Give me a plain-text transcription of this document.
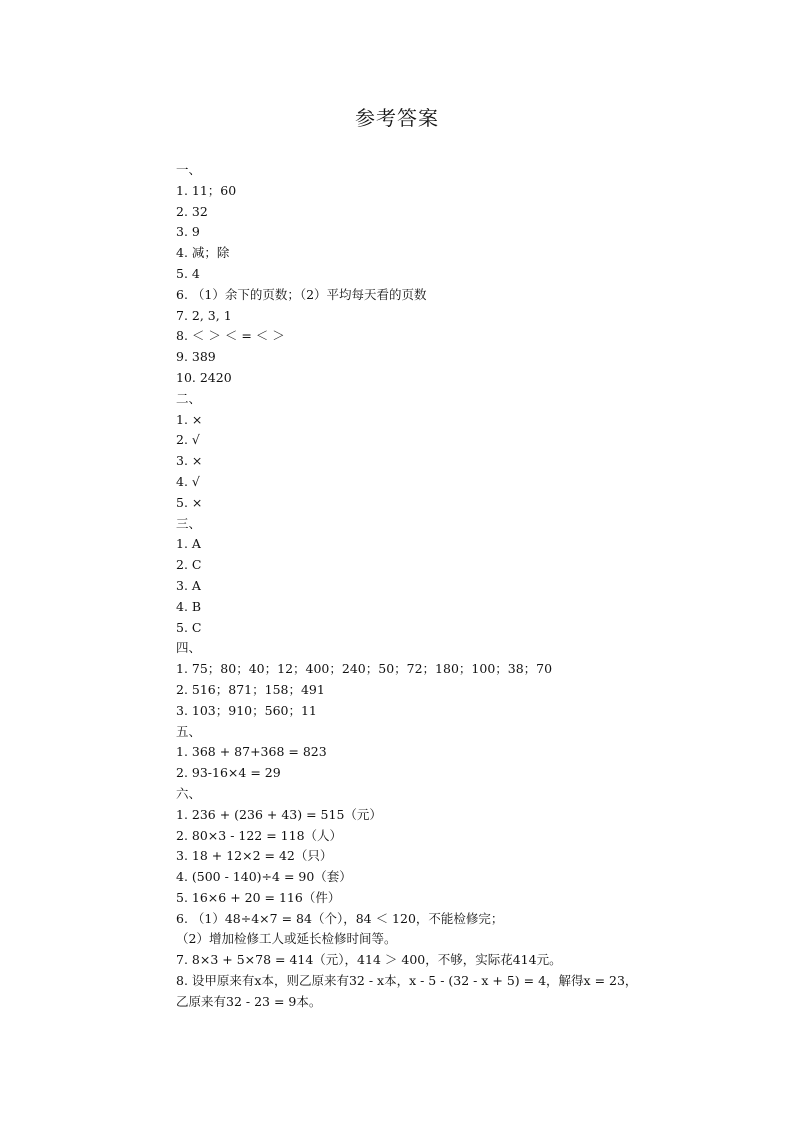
参考答案
一、
1. 11；60
2. 32
3. 9
4. 减；除
5. 4
6. （1）余下的页数；（2）平均每天看的页数
7. 2, 3, 1
8. ＜ ＞ ＜ = ＜ ＞
9. 389
10. 2420
二、
1. ×
2. √
3. ×
4. √
5. ×
三、
1. A
2. C
3. A
4. B
5. C
四、
1. 75；80；40；12；400；240；50；72；180；100；38；70
2. 516；871；158；491
3. 103；910；560；11
五、
1. 368 + 87+368 = 823
2. 93-16×4 = 29
六、
1. 236 + (236 + 43) = 515（元）
2. 80×3 - 122 = 118（人）
3. 18 + 12×2 = 42（只）
4. (500 - 140)÷4 = 90（套）
5. 16×6 + 20 = 116（件）
6. （1）48÷4×7 = 84（个），84 ＜ 120，不能检修完；
（2）增加检修工人或延长检修时间等。
7. 8×3 + 5×78 = 414（元），414 ＞ 400，不够，实际花414元。
8. 设甲原来有x本，则乙原来有32 - x本，x - 5 - (32 - x + 5) = 4，解得x = 23，
乙原来有32 - 23 = 9本。
